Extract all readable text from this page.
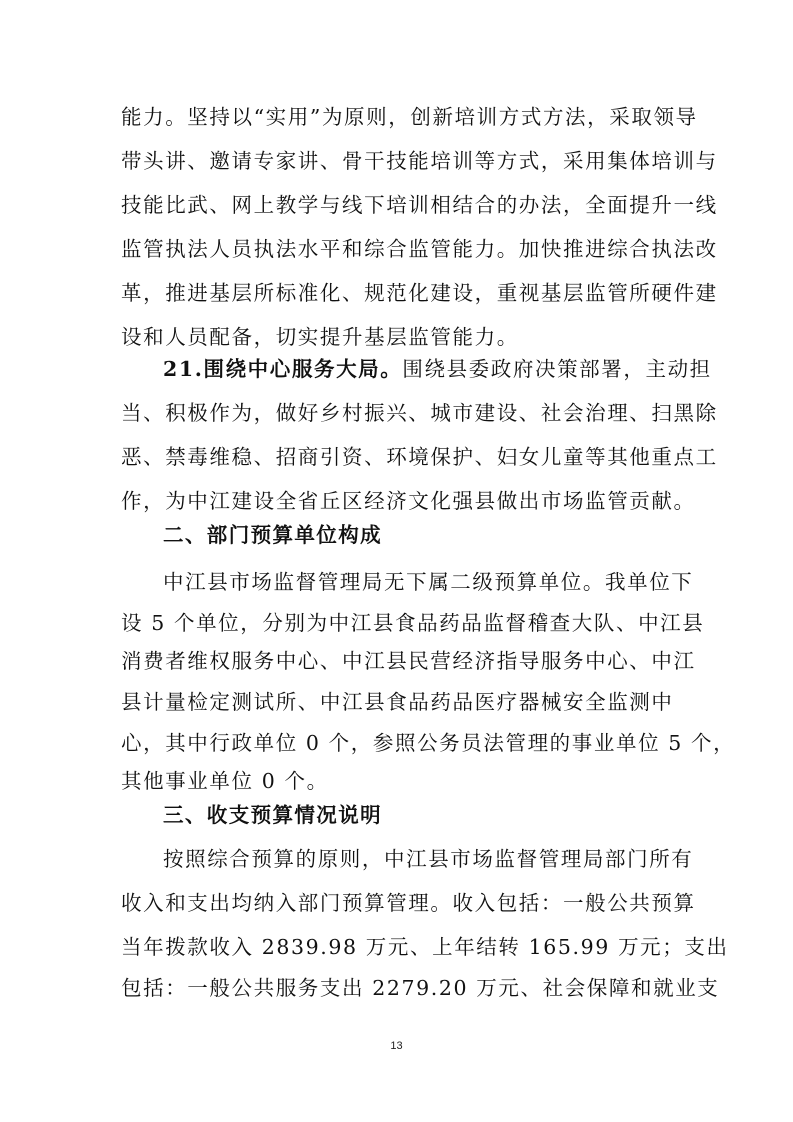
能力。坚持以“实用”为原则，创新培训方式方法，采取领导
带头讲、邀请专家讲、骨干技能培训等方式，采用集体培训与
技能比武、网上教学与线下培训相结合的办法，全面提升一线
监管执法人员执法水平和综合监管能力。加快推进综合执法改
革，推进基层所标准化、规范化建设，重视基层监管所硬件建
设和人员配备，切实提升基层监管能力。
21.围绕中心服务大局。围绕县委政府决策部署，主动担
当、积极作为，做好乡村振兴、城市建设、社会治理、扫黑除
恶、禁毒维稳、招商引资、环境保护、妇女儿童等其他重点工
作，为中江建设全省丘区经济文化强县做出市场监管贡献。
二、部门预算单位构成
中江县市场监督管理局无下属二级预算单位。我单位下
设 5 个单位，分别为中江县食品药品监督稽查大队、中江县
消费者维权服务中心、中江县民营经济指导服务中心、中江
县计量检定测试所、中江县食品药品医疗器械安全监测中
心，其中行政单位 0 个，参照公务员法管理的事业单位 5 个，
其他事业单位 0 个。
三、收支预算情况说明
按照综合预算的原则，中江县市场监督管理局部门所有
收入和支出均纳入部门预算管理。收入包括：一般公共预算
当年拨款收入 2839.98 万元、上年结转 165.99 万元；支出
包括：一般公共服务支出 2279.20 万元、社会保障和就业支
13
